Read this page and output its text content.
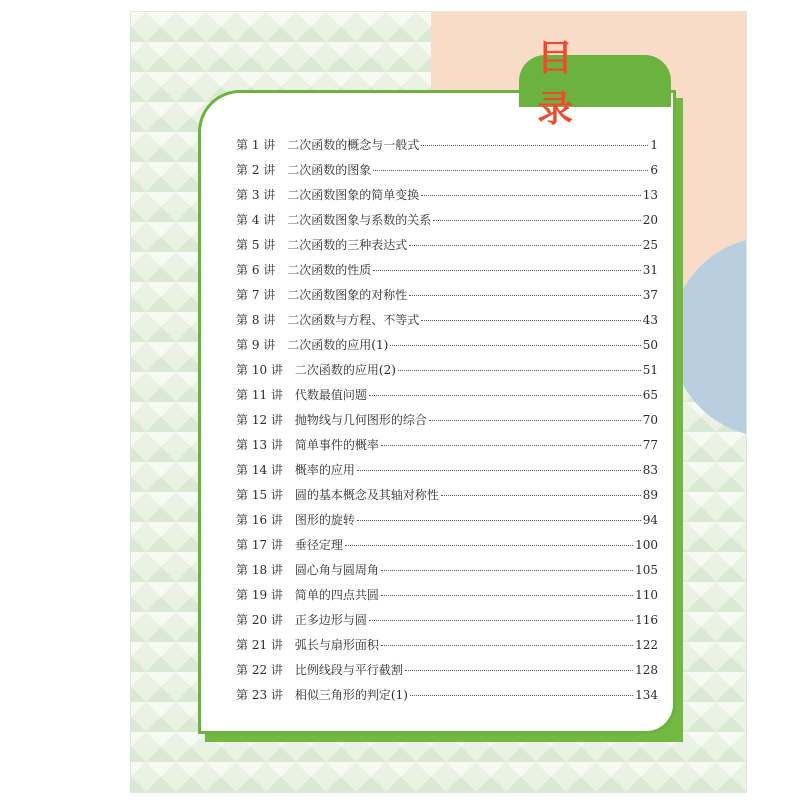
目 录
第 1 讲 二次函数的概念与一般式	1
第 2 讲 二次函数的图象	6
第 3 讲 二次函数图象的简单变换	13
第 4 讲 二次函数图象与系数的关系	20
第 5 讲 二次函数的三种表达式	25
第 6 讲 二次函数的性质	31
第 7 讲 二次函数图象的对称性	37
第 8 讲 二次函数与方程、不等式	43
第 9 讲 二次函数的应用(1)	50
第 10 讲 二次函数的应用(2)	51
第 11 讲 代数最值问题	65
第 12 讲 抛物线与几何图形的综合	70
第 13 讲 简单事件的概率	77
第 14 讲 概率的应用	83
第 15 讲 圆的基本概念及其轴对称性	89
第 16 讲 图形的旋转	94
第 17 讲 垂径定理	100
第 18 讲 圆心角与圆周角	105
第 19 讲 简单的四点共圆	110
第 20 讲 正多边形与圆	116
第 21 讲 弧长与扇形面积	122
第 22 讲 比例线段与平行截割	128
第 23 讲 相似三角形的判定(1)	134
